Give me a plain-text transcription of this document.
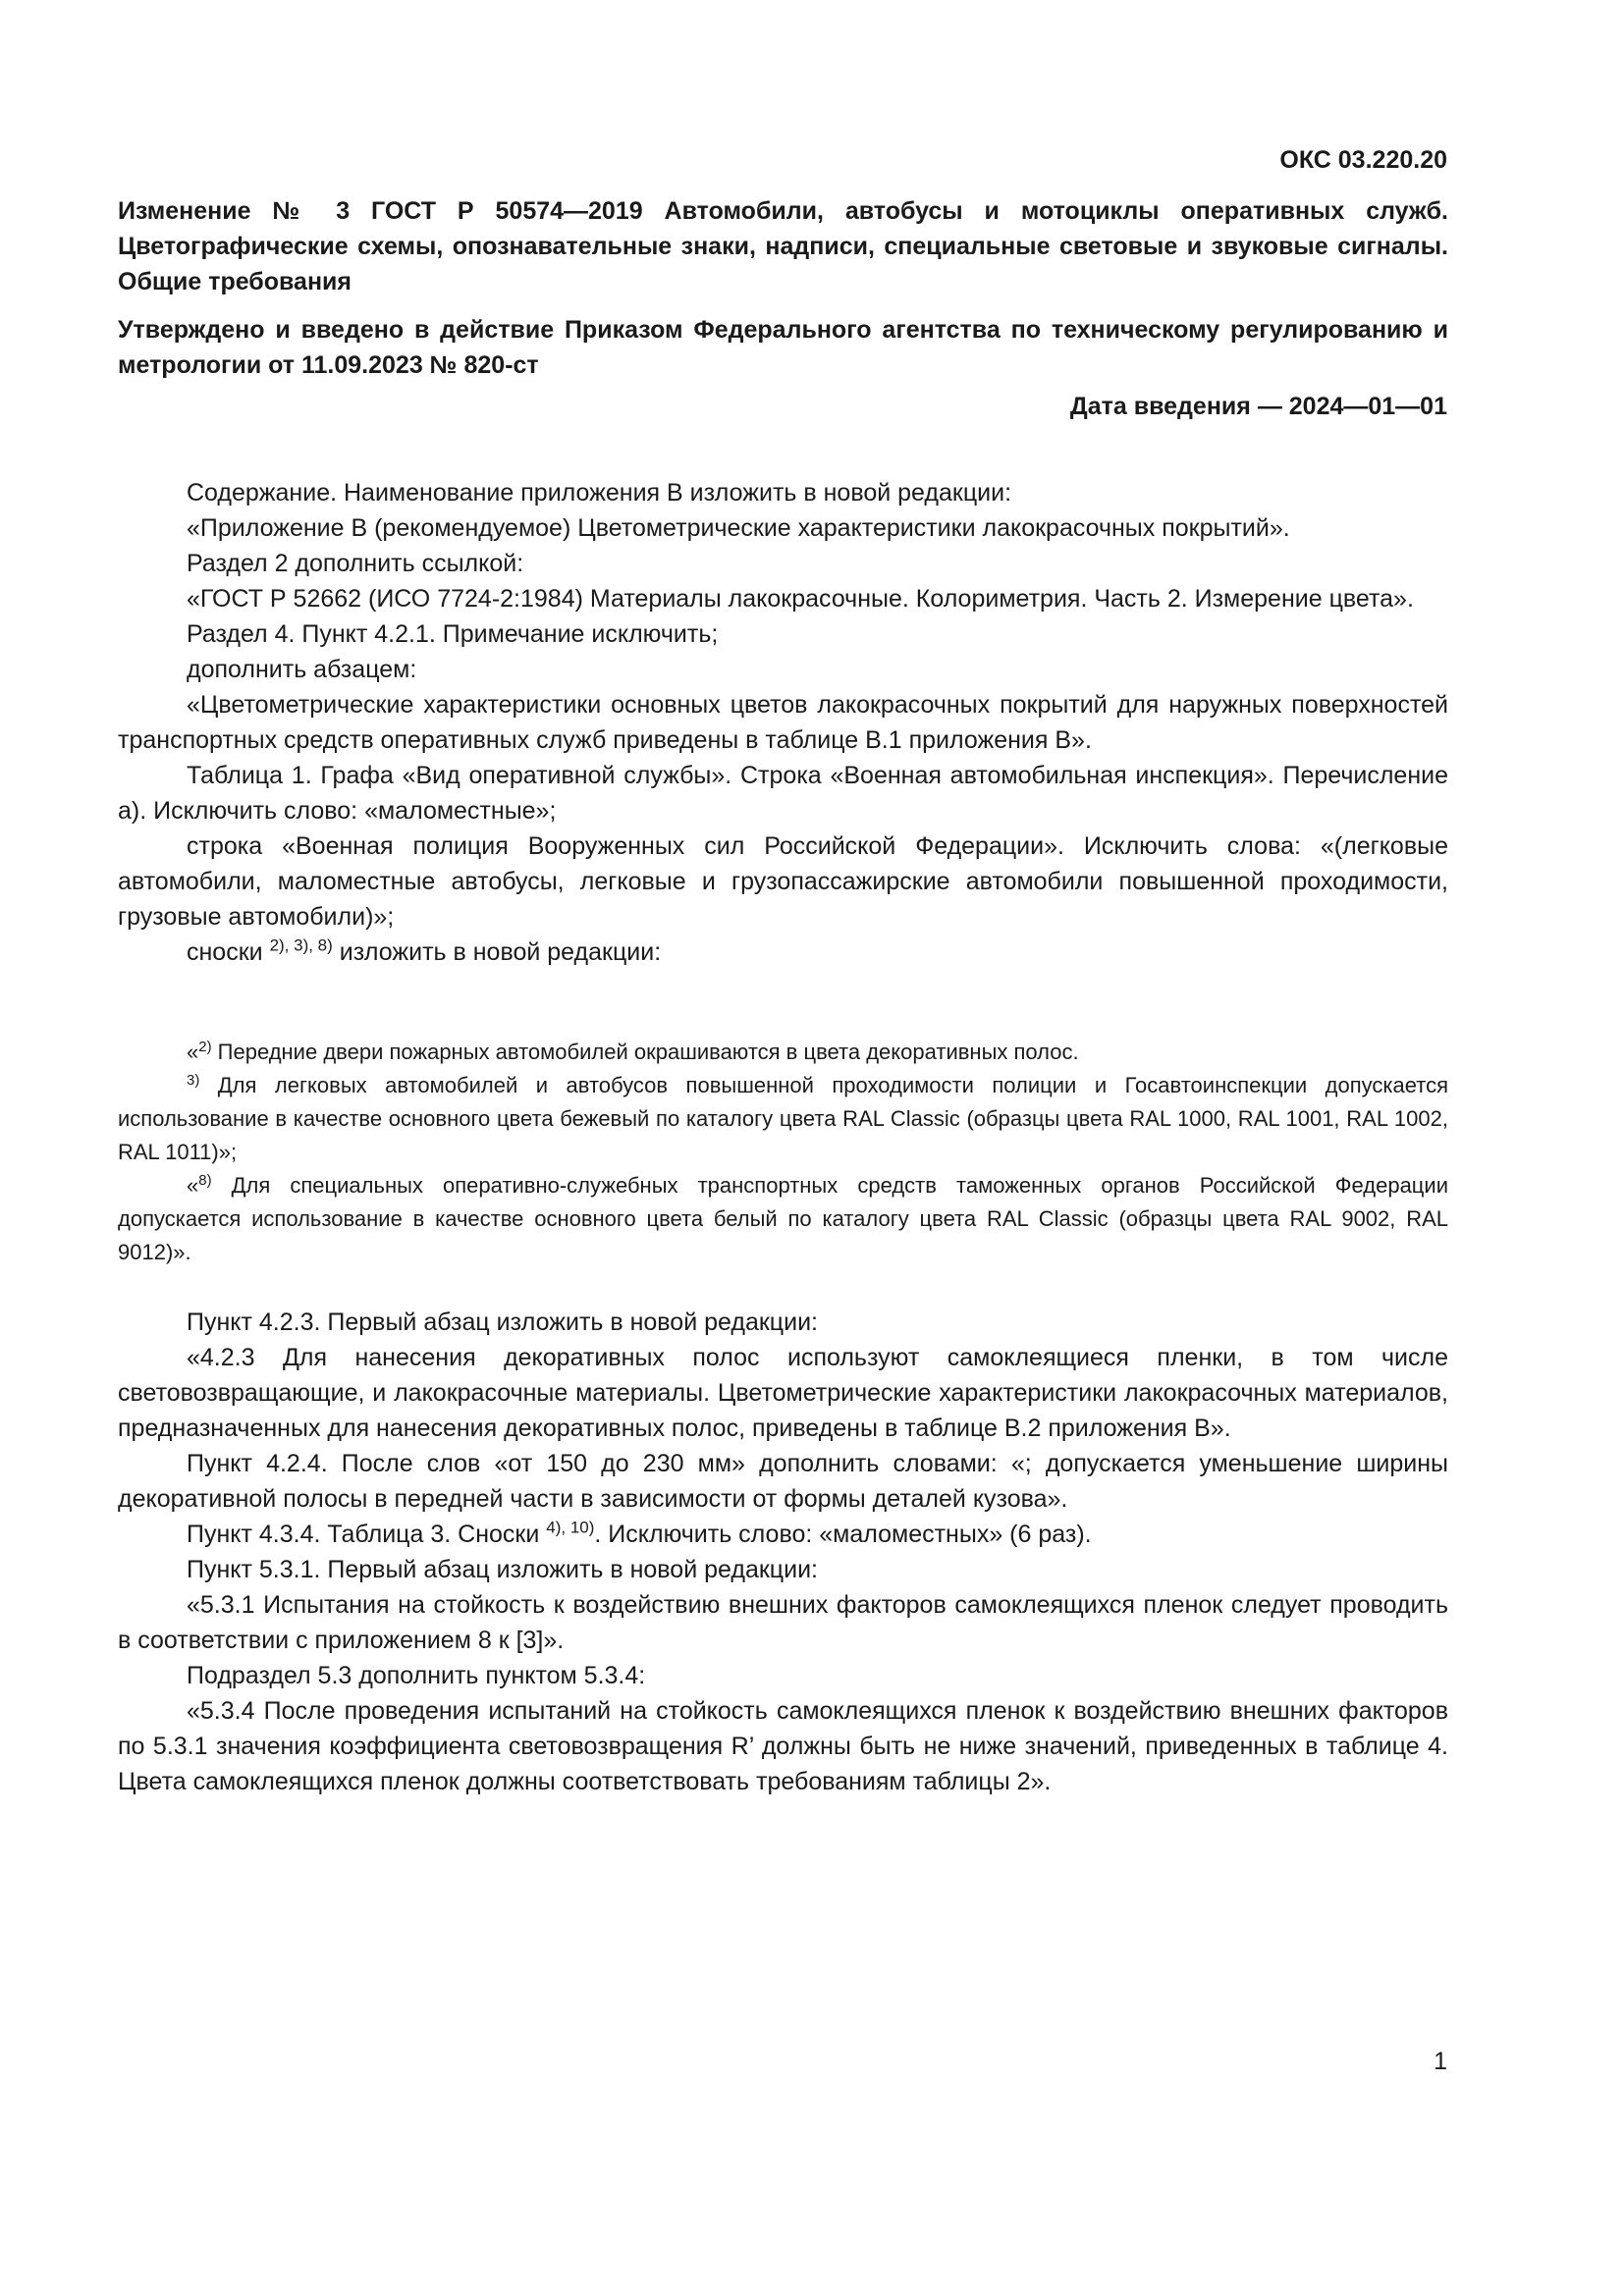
ОКС 03.220.20
Изменение № 3 ГОСТ Р 50574—2019 Автомобили, автобусы и мотоциклы оперативных служб. Цветографические схемы, опознавательные знаки, надписи, специальные световые и звуковые сигналы. Общие требования
Утверждено и введено в действие Приказом Федерального агентства по техническому регулированию и метрологии от 11.09.2023 № 820-ст
Дата введения — 2024—01—01

Содержание. Наименование приложения В изложить в новой редакции:

«Приложение В (рекомендуемое) Цветометрические характеристики лакокрасочных покрытий».

Раздел 2 дополнить ссылкой:

«ГОСТ Р 52662 (ИСО 7724-2:1984) Материалы лакокрасочные. Колориметрия. Часть 2. Измерение цвета».

Раздел 4. Пункт 4.2.1. Примечание исключить;

дополнить абзацем:

«Цветометрические характеристики основных цветов лакокрасочных покрытий для наружных поверхностей транспортных средств оперативных служб приведены в таблице В.1 приложения В».

Таблица 1. Графа «Вид оперативной службы». Строка «Военная автомобильная инспекция». Перечисление а). Исключить слово: «маломестные»;

строка «Военная полиция Вооруженных сил Российской Федерации». Исключить слова: «(легковые автомобили, маломестные автобусы, легковые и грузопассажирские автомобили повышенной проходимости, грузовые автомобили)»;

сноски $^{2), 3), 8)}$ изложить в новой редакции:

«$^{2)}$ Передние двери пожарных автомобилей окрашиваются в цвета декоративных полос.

$^{3)}$ Для легковых автомобилей и автобусов повышенной проходимости полиции и Госавтоинспекции допускается использование в качестве основного цвета бежевый по каталогу цвета RAL Classic (образцы цвета RAL 1000, RAL 1001, RAL 1002, RAL 1011)»;

«$^{8)}$ Для специальных оперативно-служебных транспортных средств таможенных органов Российской Федерации допускается использование в качестве основного цвета белый по каталогу цвета RAL Classic (образцы цвета RAL 9002, RAL 9012)».

Пункт 4.2.3. Первый абзац изложить в новой редакции:

«4.2.3 Для нанесения декоративных полос используют самоклеящиеся пленки, в том числе световозвращающие, и лакокрасочные материалы. Цветометрические характеристики лакокрасочных материалов, предназначенных для нанесения декоративных полос, приведены в таблице В.2 приложения В».

Пункт 4.2.4. После слов «от 150 до 230 мм» дополнить словами: «; допускается уменьшение ширины декоративной полосы в передней части в зависимости от формы деталей кузова».

Пункт 4.3.4. Таблица 3. Сноски $^{4), 10)}$. Исключить слово: «маломестных» (6 раз).

Пункт 5.3.1. Первый абзац изложить в новой редакции:

«5.3.1 Испытания на стойкость к воздействию внешних факторов самоклеящихся пленок следует проводить в соответствии с приложением 8 к [3]».

Подраздел 5.3 дополнить пунктом 5.3.4:

«5.3.4 После проведения испытаний на стойкость самоклеящихся пленок к воздействию внешних факторов по 5.3.1 значения коэффициента световозвращения R’ должны быть не ниже значений, приведенных в таблице 4. Цвета самоклеящихся пленок должны соответствовать требованиям таблицы 2».

1
